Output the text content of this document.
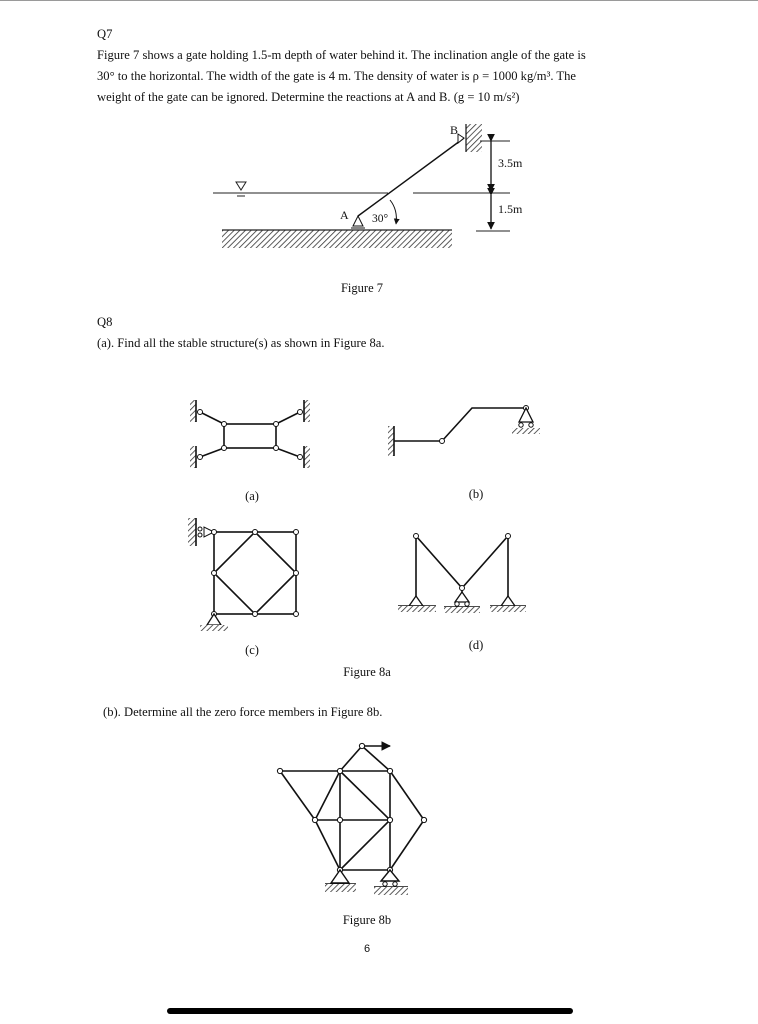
Q7
Figure 7 shows a gate holding 1.5-m depth of water behind it. The inclination angle of the gate is
30° to the horizontal. The width of the gate is 4 m. The density of water is ρ = 1000 kg/m³. The
weight of the gate can be ignored. Determine the reactions at A and B. (g = 10 m/s²)
Q8
(a). Find all the stable structure(s) as shown in Figure 8a.
(b). Determine all the zero force members in Figure 8b.
Figure 7
(a)	(b)
(c)	(d)
Figure 8a
Figure 8b
6
A
B
30°
3.5m
1.5m
